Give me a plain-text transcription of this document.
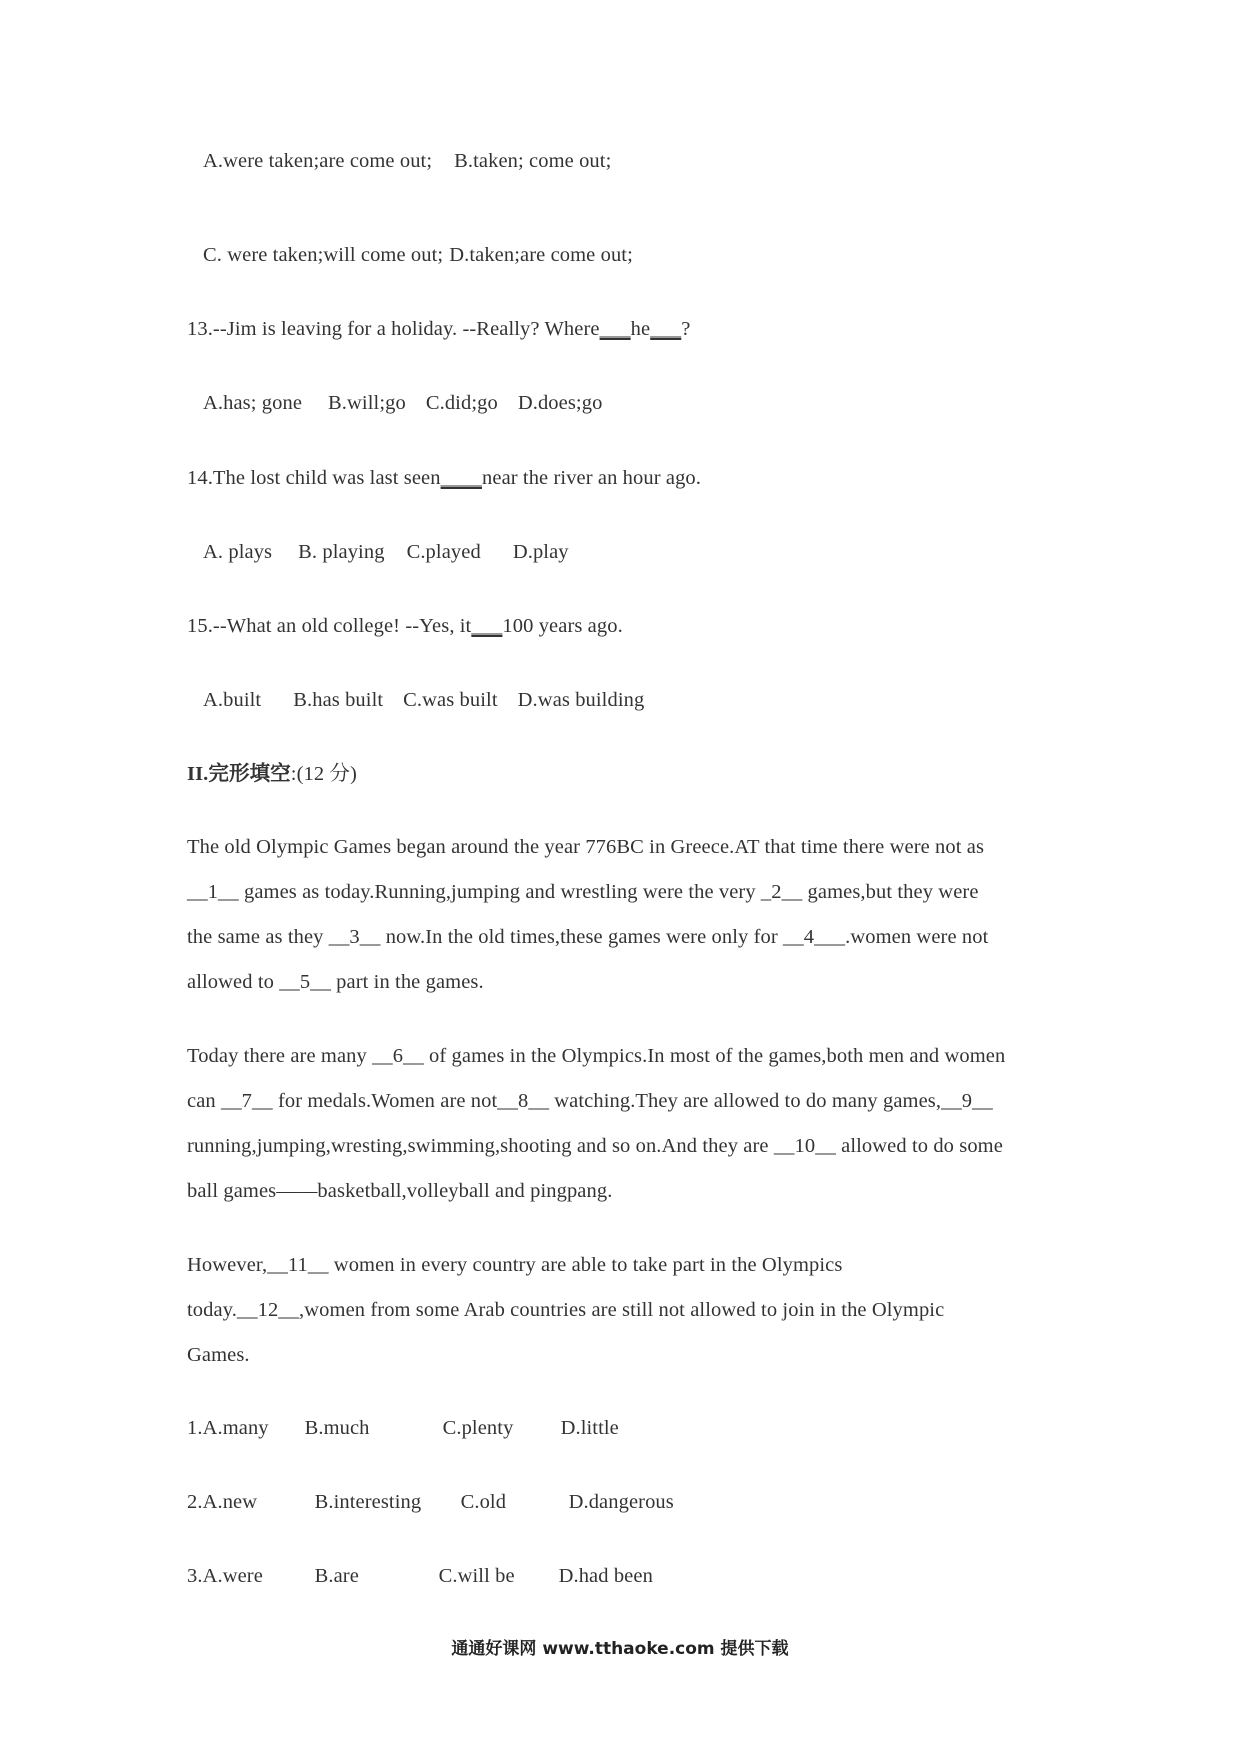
A.were taken;are come out; B.taken; come out;

C. were taken;will come out; D.taken;are come out;

13.--Jim is leaving for a holiday. --Really? Where___he___?

A.has; gone B.will;go C.did;go D.does;go

14.The lost child was last seen____near the river an hour ago.

A. plays B. playing C.played D.play

15.--What an old college! --Yes, it___100 years ago.

A.built B.has built C.was built D.was building

II.完形填空:(12 分)

The old Olympic Games began around the year 776BC in Greece.AT that time there were not as

__1__ games as today.Running,jumping and wrestling were the very _2__ games,but they were

the same as they __3__ now.In the old times,these games were only for __4___.women were not

allowed to __5__ part in the games.

Today there are many __6__ of games in the Olympics.In most of the games,both men and women

can __7__ for medals.Women are not__8__ watching.They are allowed to do many games,__9__

running,jumping,wresting,swimming,shooting and so on.And they are __10__ allowed to do some

ball games——basketball,volleyball and pingpang.

However,__11__ women in every country are able to take part in the Olympics

today.__12__,women from some Arab countries are still not allowed to join in the Olympic

Games.

1.A.many B.much	C.plenty D.little

2.A.new	B.interesting C.old	D.dangerous

3.A.were	B.are	C.will be D.had been

通通好课网 www.tthaoke.com 提供下载
